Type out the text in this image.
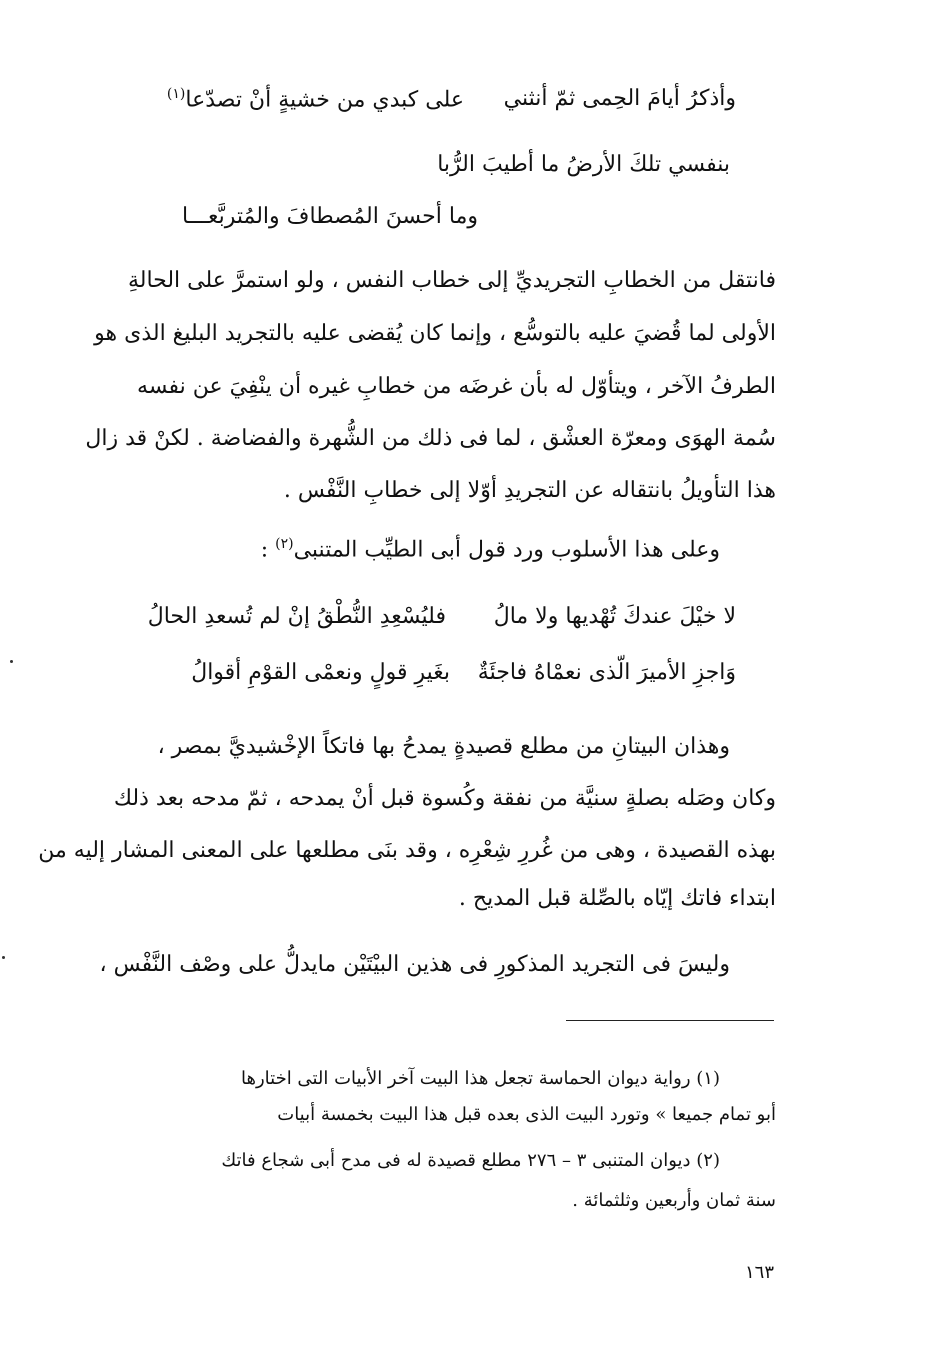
وأذكرُ أيامَ الحِمى ثمّ أنثني
على كبدي من خشيةٍ أنْ تصدّعا$^{(١)}$
بنفسي تلكَ الأرضُ ما أطيبَ الرُّبا
وما أحسنَ المُصطافَ والمُتربَّعـــا
فانتقل من الخطابِ التجريديِّ إلى خطاب النفس ، ولو استمرَّ على الحالةِ
الأولى لما قُضيَ عليه بالتوسُّع ، وإنما كان يُقضى عليه بالتجريد البليغ الذى هو
الطرفُ الآخر ، ويتأوّل له بأن غرضَه من خطابِ غيره أن ينْفِيَ عن نفسه
سُمة الهوَى ومعرّة العشْق ، لما فى ذلك من الشُّهرة والفضاضة . لكنْ قد زال
هذا التأويلُ بانتقاله عن التجريدِ أوّلا إلى خطابِ النَّفْس .
وعلى هذا الأسلوب ورد قول أبى الطيِّب المتنبى$^{(٢)}$ :
لا خيْلَ عندكَ تُهْديها ولا مالُ
فليُسْعِدِ النُّطْقُ إنْ لم تُسعدِ الحالُ
وَاجزِ الأميرَ الّذى نعمْاهُ فاجئَةٌ
بغَيرِ قولٍ ونعمْى القوْمِ أقوالُ
وهذان البيتانِ من مطلع قصيدةٍ يمدحُ بها فاتكاً الإخْشيديَّ بمصر ،
وكان وصَله بصلةٍ سنيَّة من نفقة وكُسوة قبل أنْ يمدحه ، ثمّ مدحه بعد ذلك
بهذه القصيدة ، وهى من غُررِ شِعْرِه ، وقد بنَى مطلعها على المعنى المشار إليه من
ابتداء فاتك إيّاه بالصِّلة قبل المديح .
وليسَ فى التجريد المذكورِ فى هذين البيْتَيْن مايدلُّ على وصْف النَّفْس ،
(١) رواية ديوان الحماسة تجعل هذا البيت آخر الأبيات التى اختارها
أبو تمام جميعا » وتورد البيت الذى بعده قبل هذا البيت بخمسة أبيات
(٢) ديوان المتنبى ٣ – ٢٧٦ مطلع قصيدة له فى مدح أبى شجاع فاتك
سنة ثمان وأربعين وثلثمائة .
١٦٣
